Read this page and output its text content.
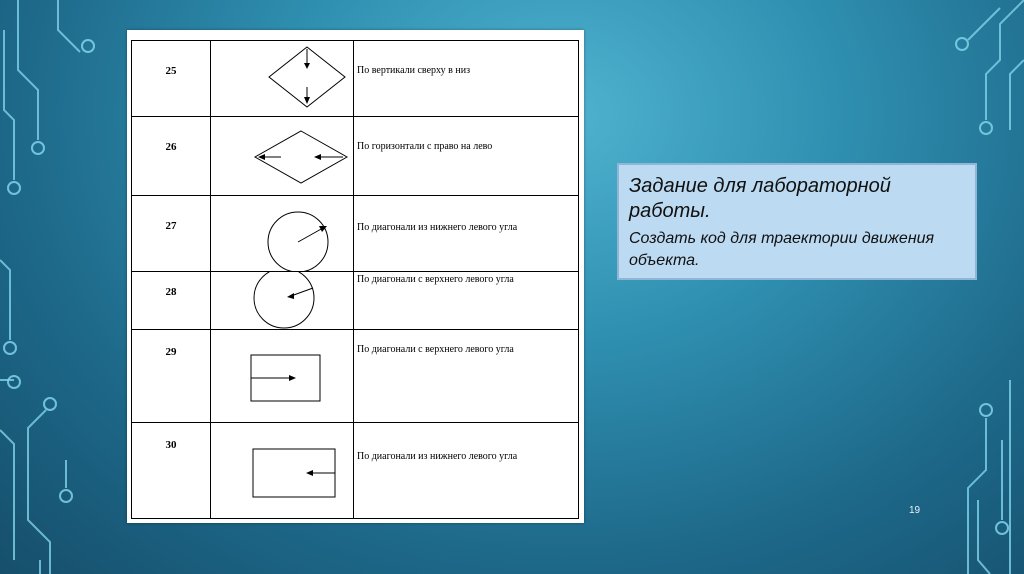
25		По вертикали сверху в низ
26		По горизонтали с право на лево
27		По диагонали из нижнего левого угла
28		По диагонали с верхнего левого угла
29		По диагонали с верхнего левого угла
30		По диагонали из нижнего левого угла

Задание для лабораторной работы.

Создать код для траектории движения объекта.

19
